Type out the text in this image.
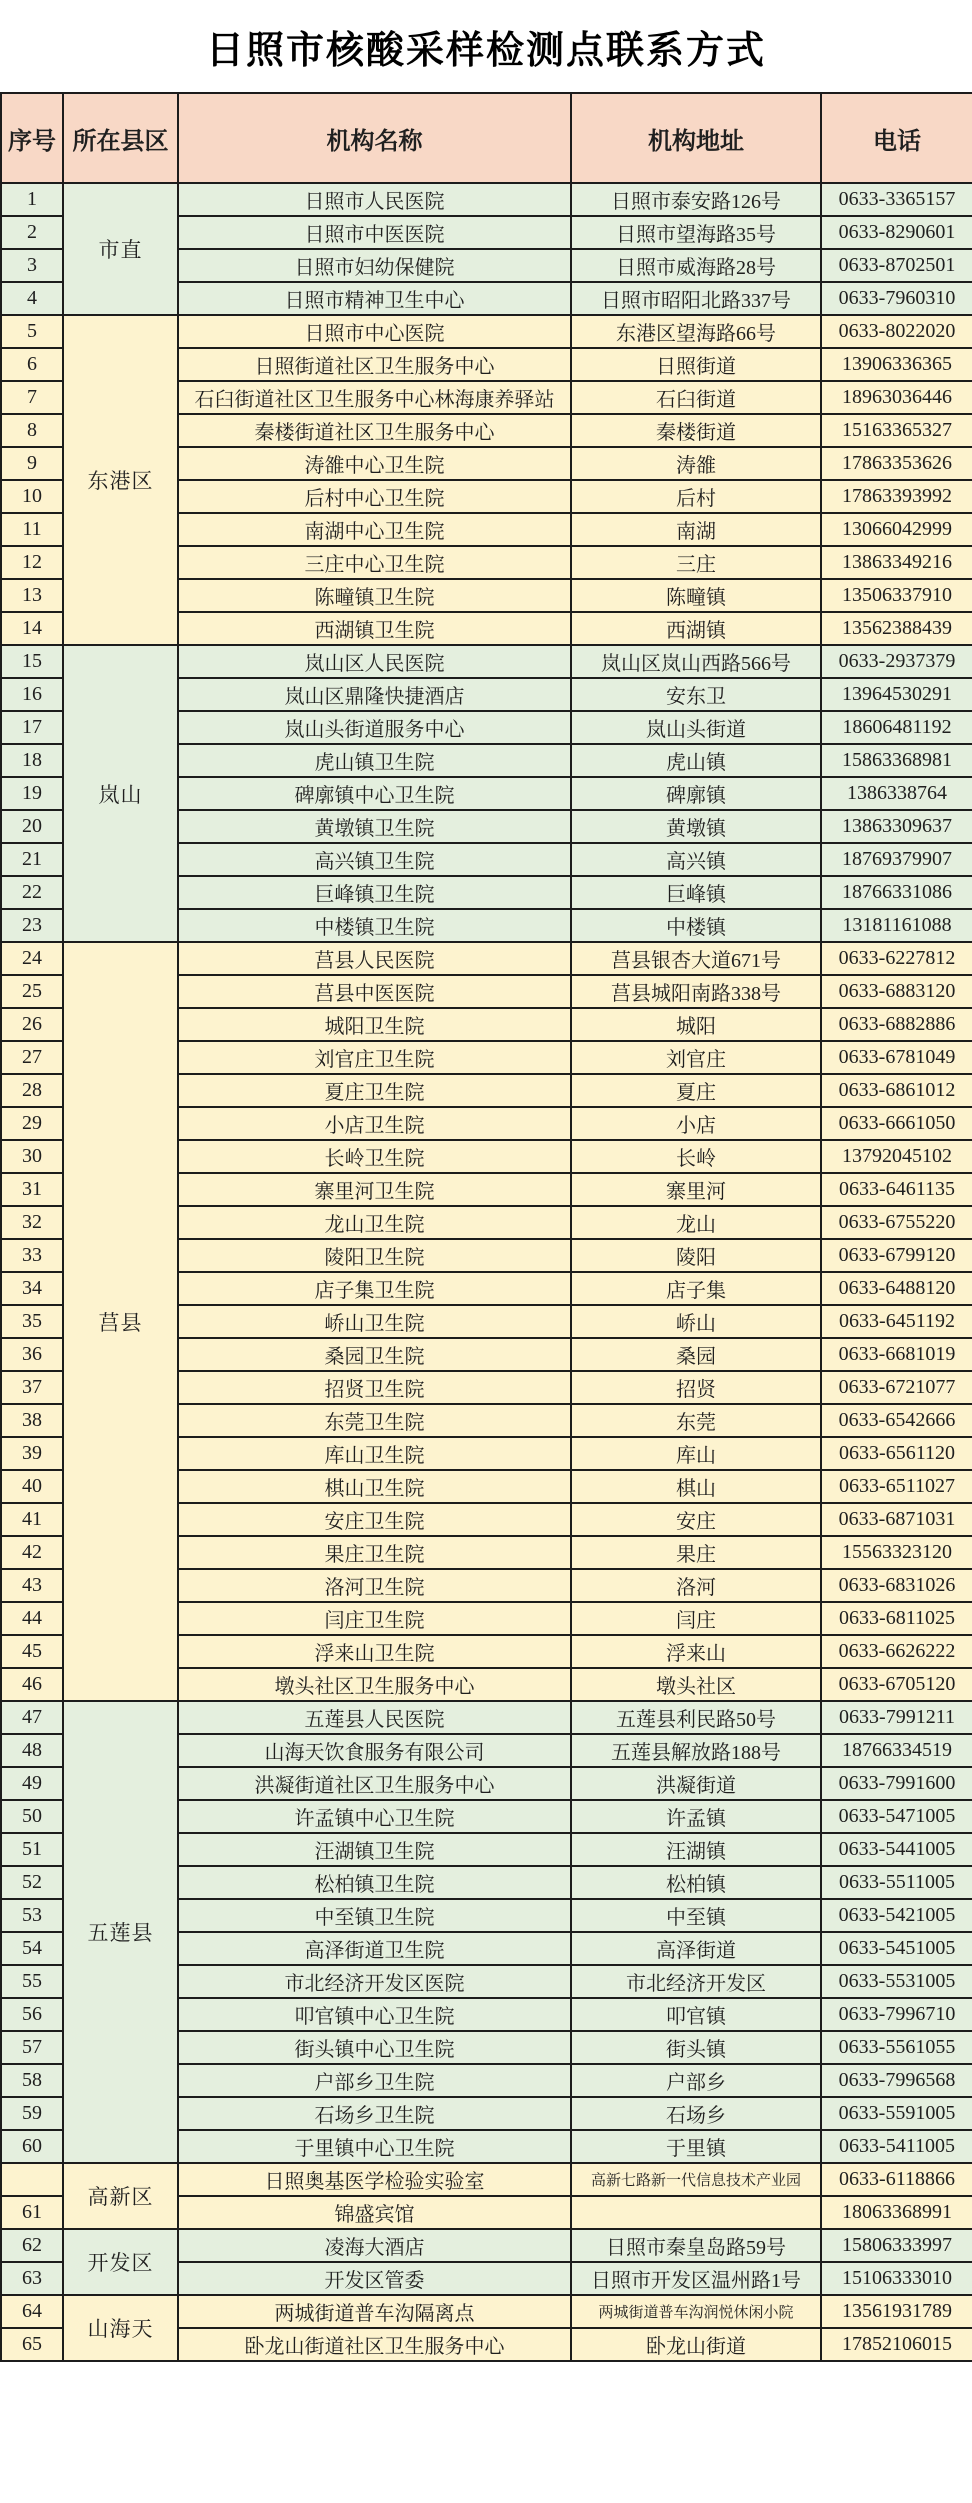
日照市核酸采样检测点联系方式
序号	所在县区	机构名称	机构地址	电话
1	市直	日照市人民医院	日照市泰安路126号	0633-3365157
2		日照市中医医院	日照市望海路35号	0633-8290601
3		日照市妇幼保健院	日照市威海路28号	0633-8702501
4		日照市精神卫生中心	日照市昭阳北路337号	0633-7960310
5	东港区	日照市中心医院	东港区望海路66号	0633-8022020
6		日照街道社区卫生服务中心	日照街道	13906336365
7		石臼街道社区卫生服务中心林海康养驿站	石臼街道	18963036446
8		秦楼街道社区卫生服务中心	秦楼街道	15163365327
9		涛雒中心卫生院	涛雒	17863353626
10		后村中心卫生院	后村	17863393992
11		南湖中心卫生院	南湖	13066042999
12		三庄中心卫生院	三庄	13863349216
13		陈疃镇卫生院	陈疃镇	13506337910
14		西湖镇卫生院	西湖镇	13562388439
15	岚山	岚山区人民医院	岚山区岚山西路566号	0633-2937379
16		岚山区鼎隆快捷酒店	安东卫	13964530291
17		岚山头街道服务中心	岚山头街道	18606481192
18		虎山镇卫生院	虎山镇	15863368981
19		碑廓镇中心卫生院	碑廓镇	1386338764
20		黄墩镇卫生院	黄墩镇	13863309637
21		高兴镇卫生院	高兴镇	18769379907
22		巨峰镇卫生院	巨峰镇	18766331086
23		中楼镇卫生院	中楼镇	13181161088
24	莒县	莒县人民医院	莒县银杏大道671号	0633-6227812
25		莒县中医医院	莒县城阳南路338号	0633-6883120
26		城阳卫生院	城阳	0633-6882886
27		刘官庄卫生院	刘官庄	0633-6781049
28		夏庄卫生院	夏庄	0633-6861012
29		小店卫生院	小店	0633-6661050
30		长岭卫生院	长岭	13792045102
31		寨里河卫生院	寨里河	0633-6461135
32		龙山卫生院	龙山	0633-6755220
33		陵阳卫生院	陵阳	0633-6799120
34		店子集卫生院	店子集	0633-6488120
35		峤山卫生院	峤山	0633-6451192
36		桑园卫生院	桑园	0633-6681019
37		招贤卫生院	招贤	0633-6721077
38		东莞卫生院	东莞	0633-6542666
39		库山卫生院	库山	0633-6561120
40		棋山卫生院	棋山	0633-6511027
41		安庄卫生院	安庄	0633-6871031
42		果庄卫生院	果庄	15563323120
43		洛河卫生院	洛河	0633-6831026
44		闫庄卫生院	闫庄	0633-6811025
45		浮来山卫生院	浮来山	0633-6626222
46		墩头社区卫生服务中心	墩头社区	0633-6705120
47	五莲县	五莲县人民医院	五莲县利民路50号	0633-7991211
48		山海天饮食服务有限公司	五莲县解放路188号	18766334519
49		洪凝街道社区卫生服务中心	洪凝街道	0633-7991600
50		许孟镇中心卫生院	许孟镇	0633-5471005
51		汪湖镇卫生院	汪湖镇	0633-5441005
52		松柏镇卫生院	松柏镇	0633-5511005
53		中至镇卫生院	中至镇	0633-5421005
54		高泽街道卫生院	高泽街道	0633-5451005
55		市北经济开发区医院	市北经济开发区	0633-5531005
56		叩官镇中心卫生院	叩官镇	0633-7996710
57		街头镇中心卫生院	街头镇	0633-5561055
58		户部乡卫生院	户部乡	0633-7996568
59		石场乡卫生院	石场乡	0633-5591005
60		于里镇中心卫生院	于里镇	0633-5411005
	高新区	日照奥基医学检验实验室	高新七路新一代信息技术产业园	0633-6118866
61		锦盛宾馆		18063368991
62	开发区	凌海大酒店	日照市秦皇岛路59号	15806333997
63		开发区管委	日照市开发区温州路1号	15106333010
64	山海天	两城街道普车沟隔离点	两城街道普车沟润悦休闲小院	13561931789
65		卧龙山街道社区卫生服务中心	卧龙山街道	17852106015
